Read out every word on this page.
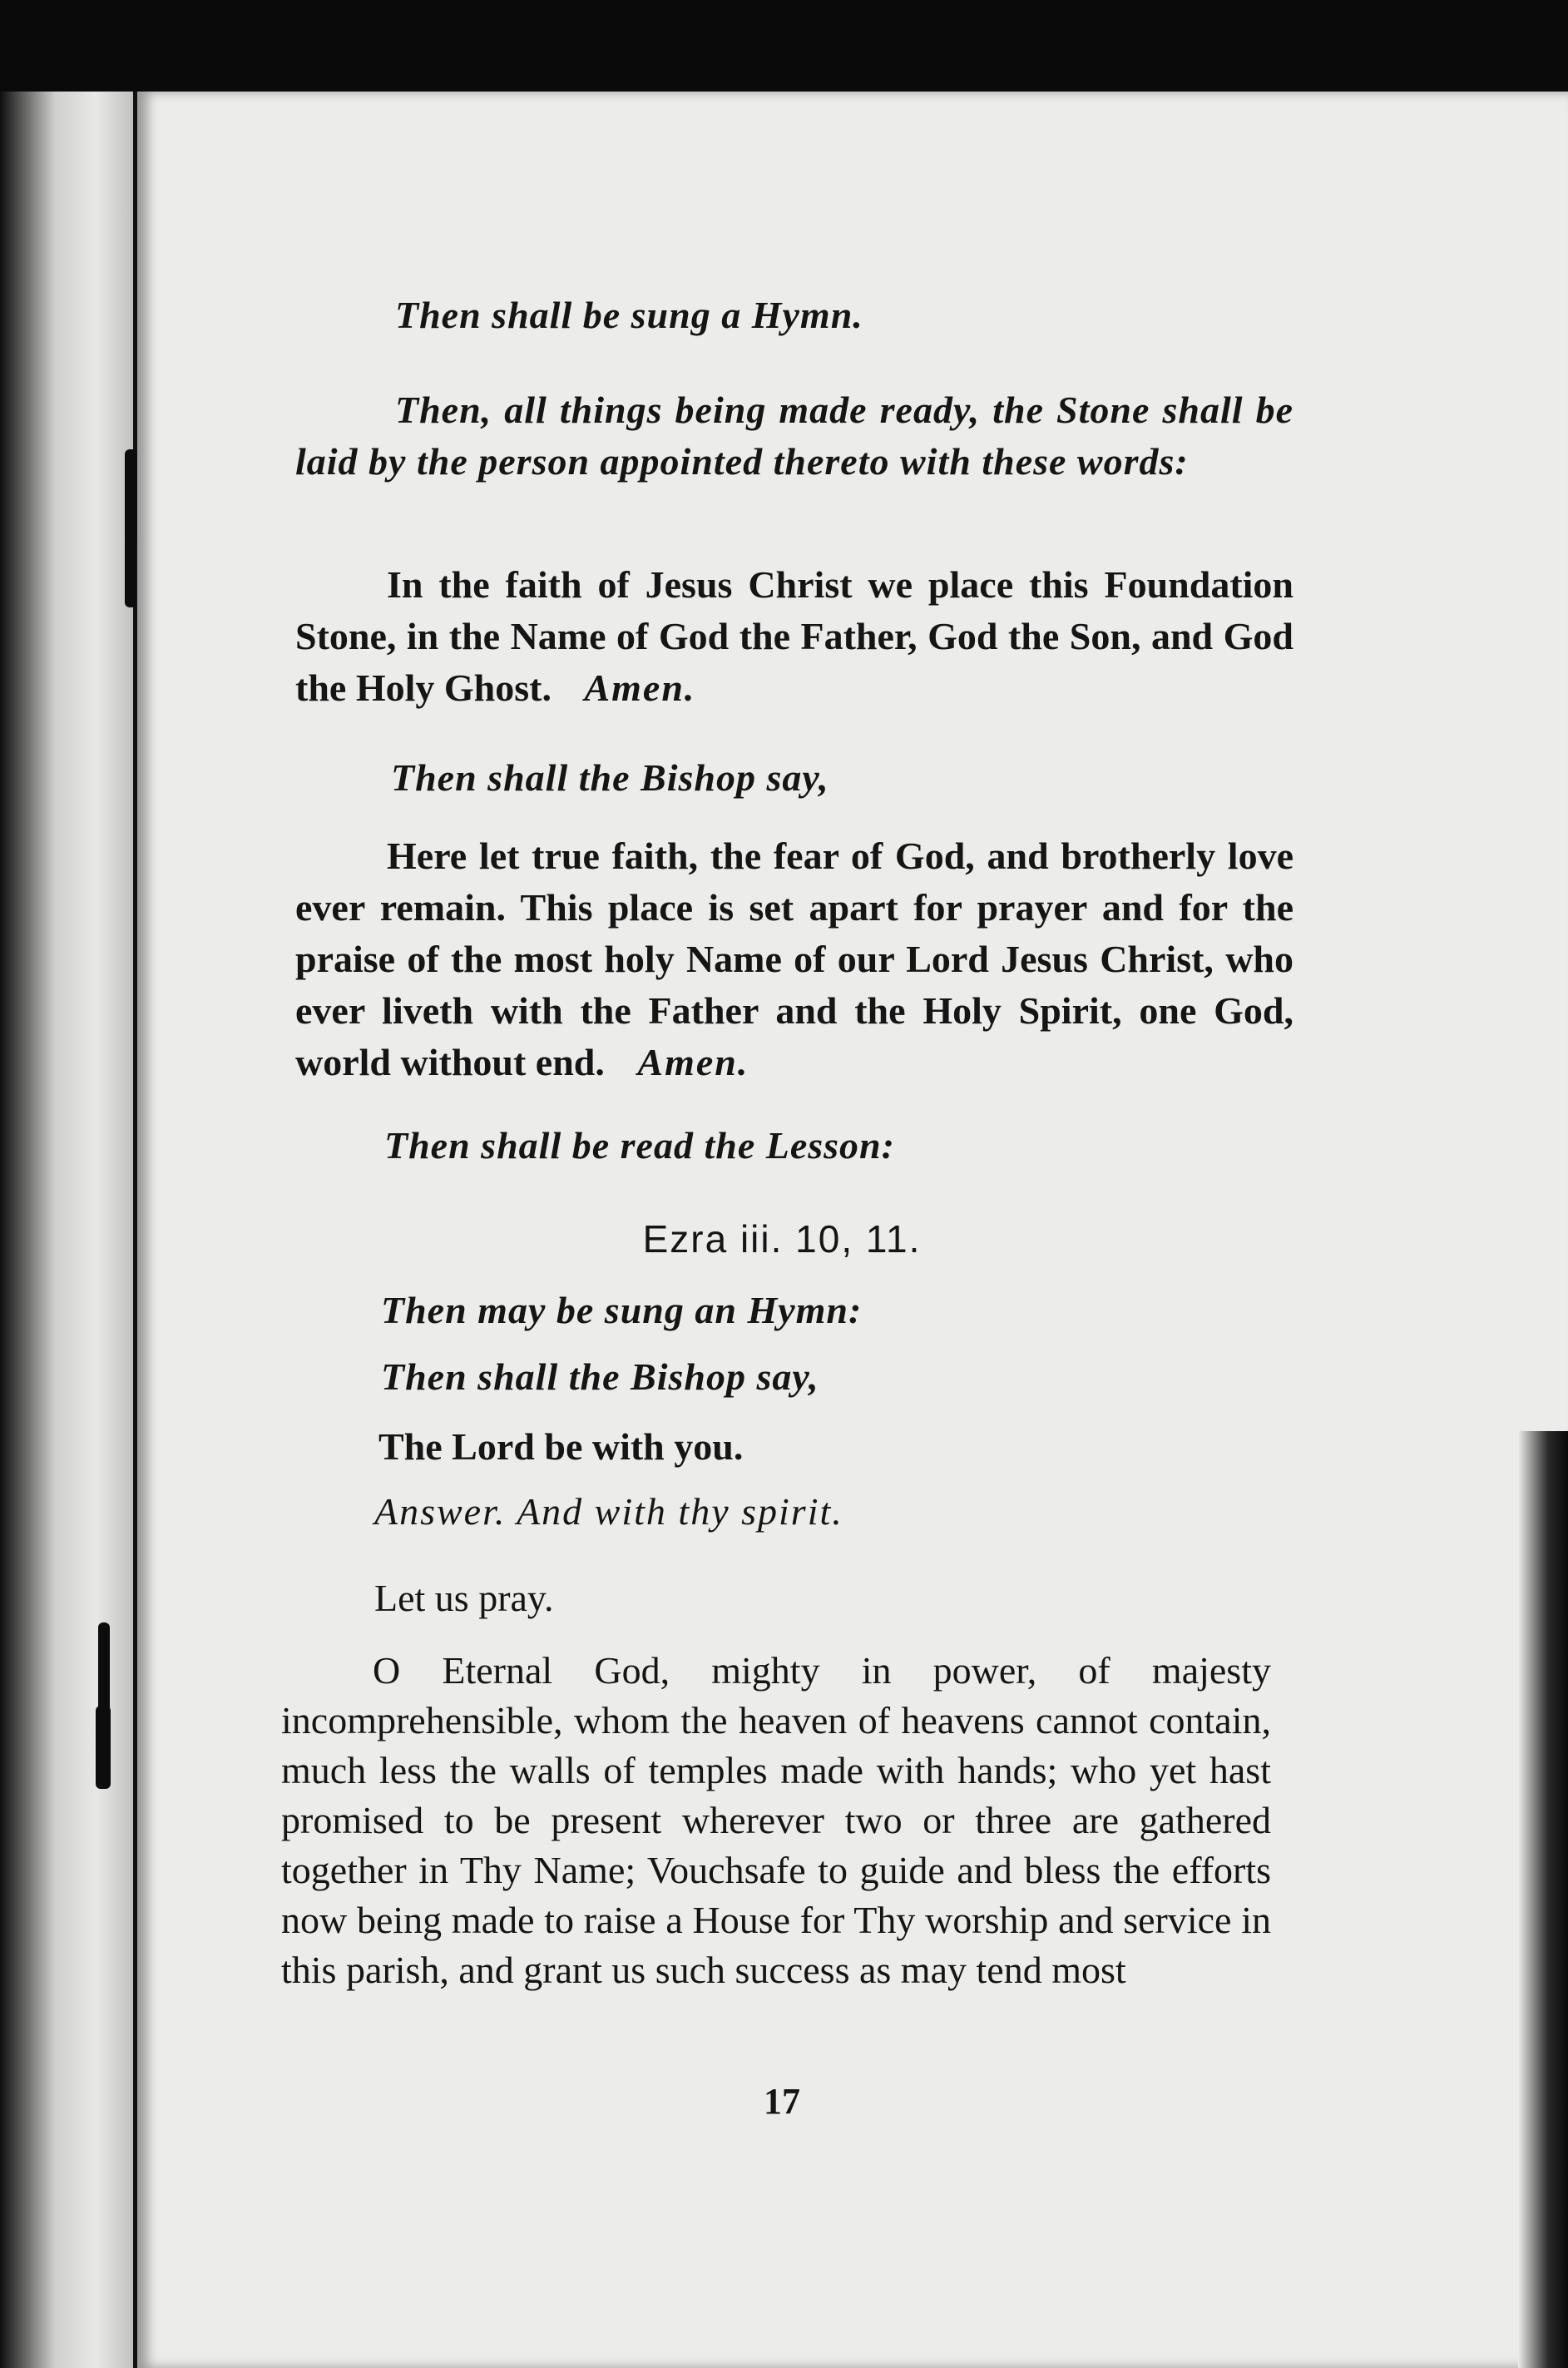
Then shall be sung a Hymn.
Then, all things being made ready, the Stone shall be laid by the person appointed thereto with these words:
In the faith of Jesus Christ we place this Foundation Stone, in the Name of God the Father, God the Son, and God the Holy Ghost. Amen.
Then shall the Bishop say,
Here let true faith, the fear of God, and brotherly love ever remain. This place is set apart for prayer and for the praise of the most holy Name of our Lord Jesus Christ, who ever liveth with the Father and the Holy Spirit, one God, world without end. Amen.
Then shall be read the Lesson:
Ezra iii. 10, 11.
Then may be sung an Hymn:
Then shall the Bishop say,
The Lord be with you.
Answer. And with thy spirit.
Let us pray.
O Eternal God, mighty in power, of majesty incomprehensible, whom the heaven of heavens cannot contain, much less the walls of temples made with hands; who yet hast promised to be present wherever two or three are gathered together in Thy Name; Vouchsafe to guide and bless the efforts now being made to raise a House for Thy worship and service in this parish, and grant us such success as may tend most
17
